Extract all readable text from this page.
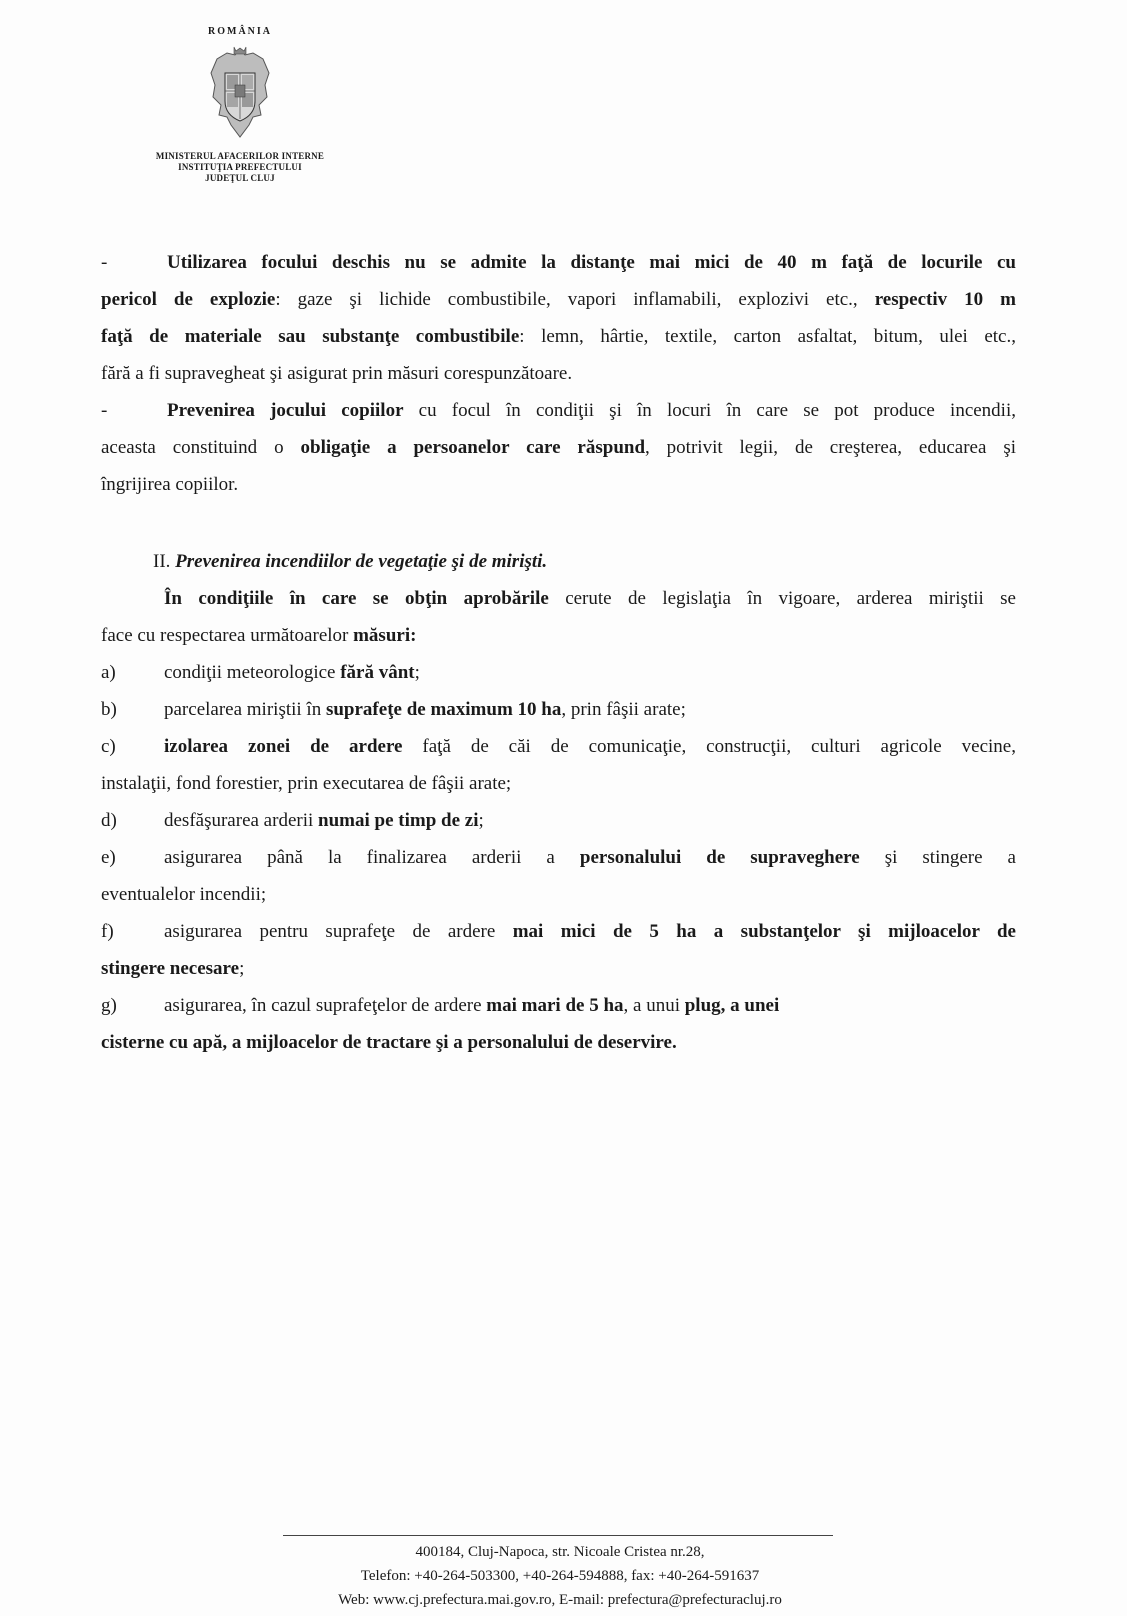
ROMÂNIA
MINISTERUL AFACERILOR INTERNE
INSTITUŢIA PREFECTULUI
JUDEŢUL CLUJ
-	Utilizarea focului deschis nu se admite la distanţe mai mici de 40 m faţă de locurile cu
pericol de explozie: gaze şi lichide combustibile, vapori inflamabili, explozivi etc., respectiv 10 m
faţă de materiale sau substanţe combustibile: lemn, hârtie, textile, carton asfaltat, bitum, ulei etc.,
fără a fi supravegheat şi asigurat prin măsuri corespunzătoare.
-	Prevenirea jocului copiilor cu focul în condiţii şi în locuri în care se pot produce incendii,
aceasta constituind o obligaţie a persoanelor care răspund, potrivit legii, de creşterea, educarea şi
îngrijirea copiilor.
II. Prevenirea incendiilor de vegetaţie şi de mirişti.
În condiţiile în care se obţin aprobările cerute de legislaţia în vigoare, arderea miriştii se
face cu respectarea următoarelor măsuri:
a)	condiţii meteorologice fără vânt;
b)	parcelarea miriştii în suprafeţe de maximum 10 ha, prin fâşii arate;
c)	izolarea zonei de ardere faţă de căi de comunicaţie, construcţii, culturi agricole vecine,
instalaţii, fond forestier, prin executarea de fâşii arate;
d)	desfăşurarea arderii numai pe timp de zi;
e)	asigurarea până la finalizarea arderii a personalului de supraveghere şi stingere a
eventualelor incendii;
f)	asigurarea pentru suprafeţe de ardere mai mici de 5 ha a substanţelor şi mijloacelor de
stingere necesare;
g)	asigurarea, în cazul suprafeţelor de ardere mai mari de 5 ha, a unui plug, a unei
cisterne cu apă, a mijloacelor de tractare şi a personalului de deservire.
400184, Cluj-Napoca, str. Nicoale Cristea nr.28,
Telefon: +40-264-503300, +40-264-594888, fax: +40-264-591637
Web: www.cj.prefectura.mai.gov.ro, E-mail: prefectura@prefecturacluj.ro
